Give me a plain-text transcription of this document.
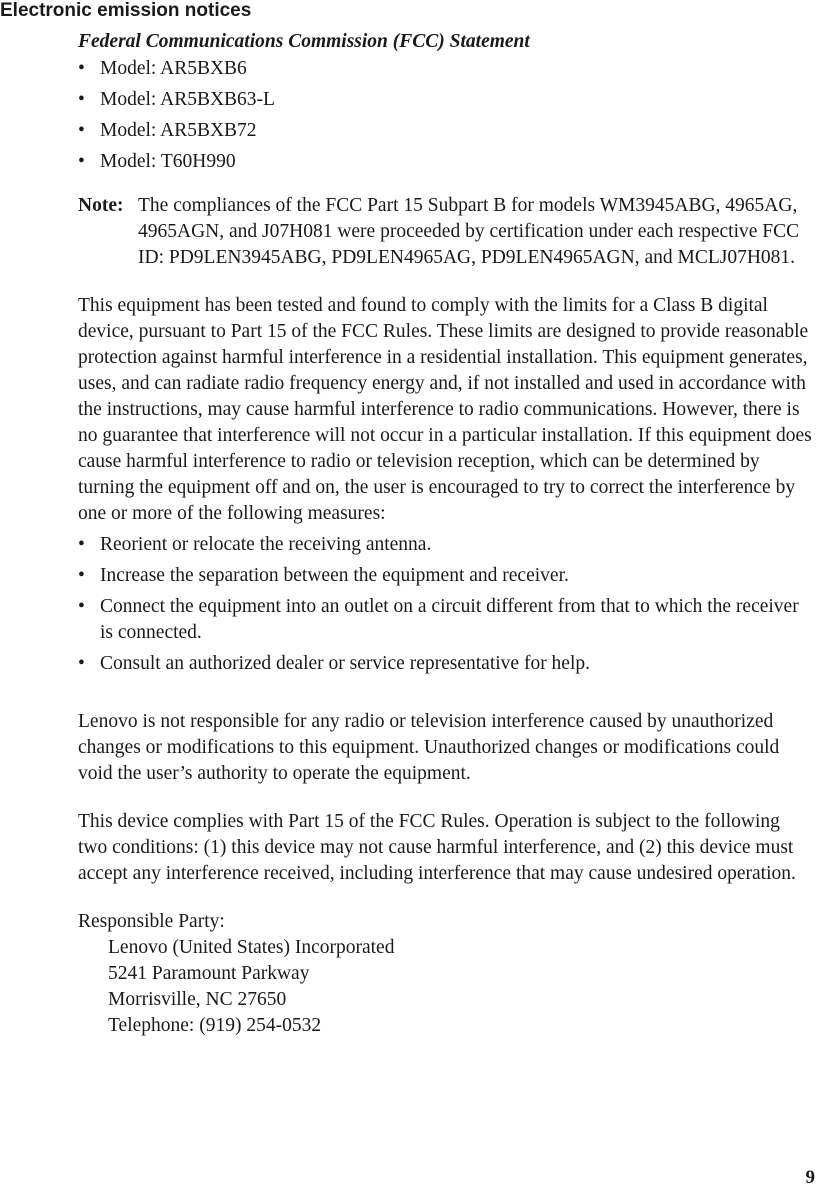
Electronic emission notices

Federal Communications Commission (FCC) Statement

• Model: AR5BXB6
• Model: AR5BXB63-L
• Model: AR5BXB72
• Model: T60H990
Note: The compliances of the FCC Part 15 Subpart B for models WM3945ABG, 4965AG, 4965AGN, and J07H081 were proceeded by certification under each respective FCC ID: PD9LEN3945ABG, PD9LEN4965AG, PD9LEN4965AGN, and MCLJ07H081.

This equipment has been tested and found to comply with the limits for a Class B digital device, pursuant to Part 15 of the FCC Rules. These limits are designed to provide reasonable protection against harmful interference in a residential installation. This equipment generates, uses, and can radiate radio frequency energy and, if not installed and used in accordance with the instructions, may cause harmful interference to radio communications. However, there is no guarantee that interference will not occur in a particular installation. If this equipment does cause harmful interference to radio or television reception, which can be determined by turning the equipment off and on, the user is encouraged to try to correct the interference by one or more of the following measures:

• Reorient or relocate the receiving antenna.
• Increase the separation between the equipment and receiver.
• Connect the equipment into an outlet on a circuit different from that to which the receiver is connected.
• Consult an authorized dealer or service representative for help.

Lenovo is not responsible for any radio or television interference caused by unauthorized changes or modifications to this equipment. Unauthorized changes or modifications could void the user’s authority to operate the equipment.

This device complies with Part 15 of the FCC Rules. Operation is subject to the following two conditions: (1) this device may not cause harmful interference, and (2) this device must accept any interference received, including interference that may cause undesired operation.

Responsible Party:
Lenovo (United States) Incorporated
5241 Paramount Parkway
Morrisville, NC 27650
Telephone: (919) 254-0532
9
